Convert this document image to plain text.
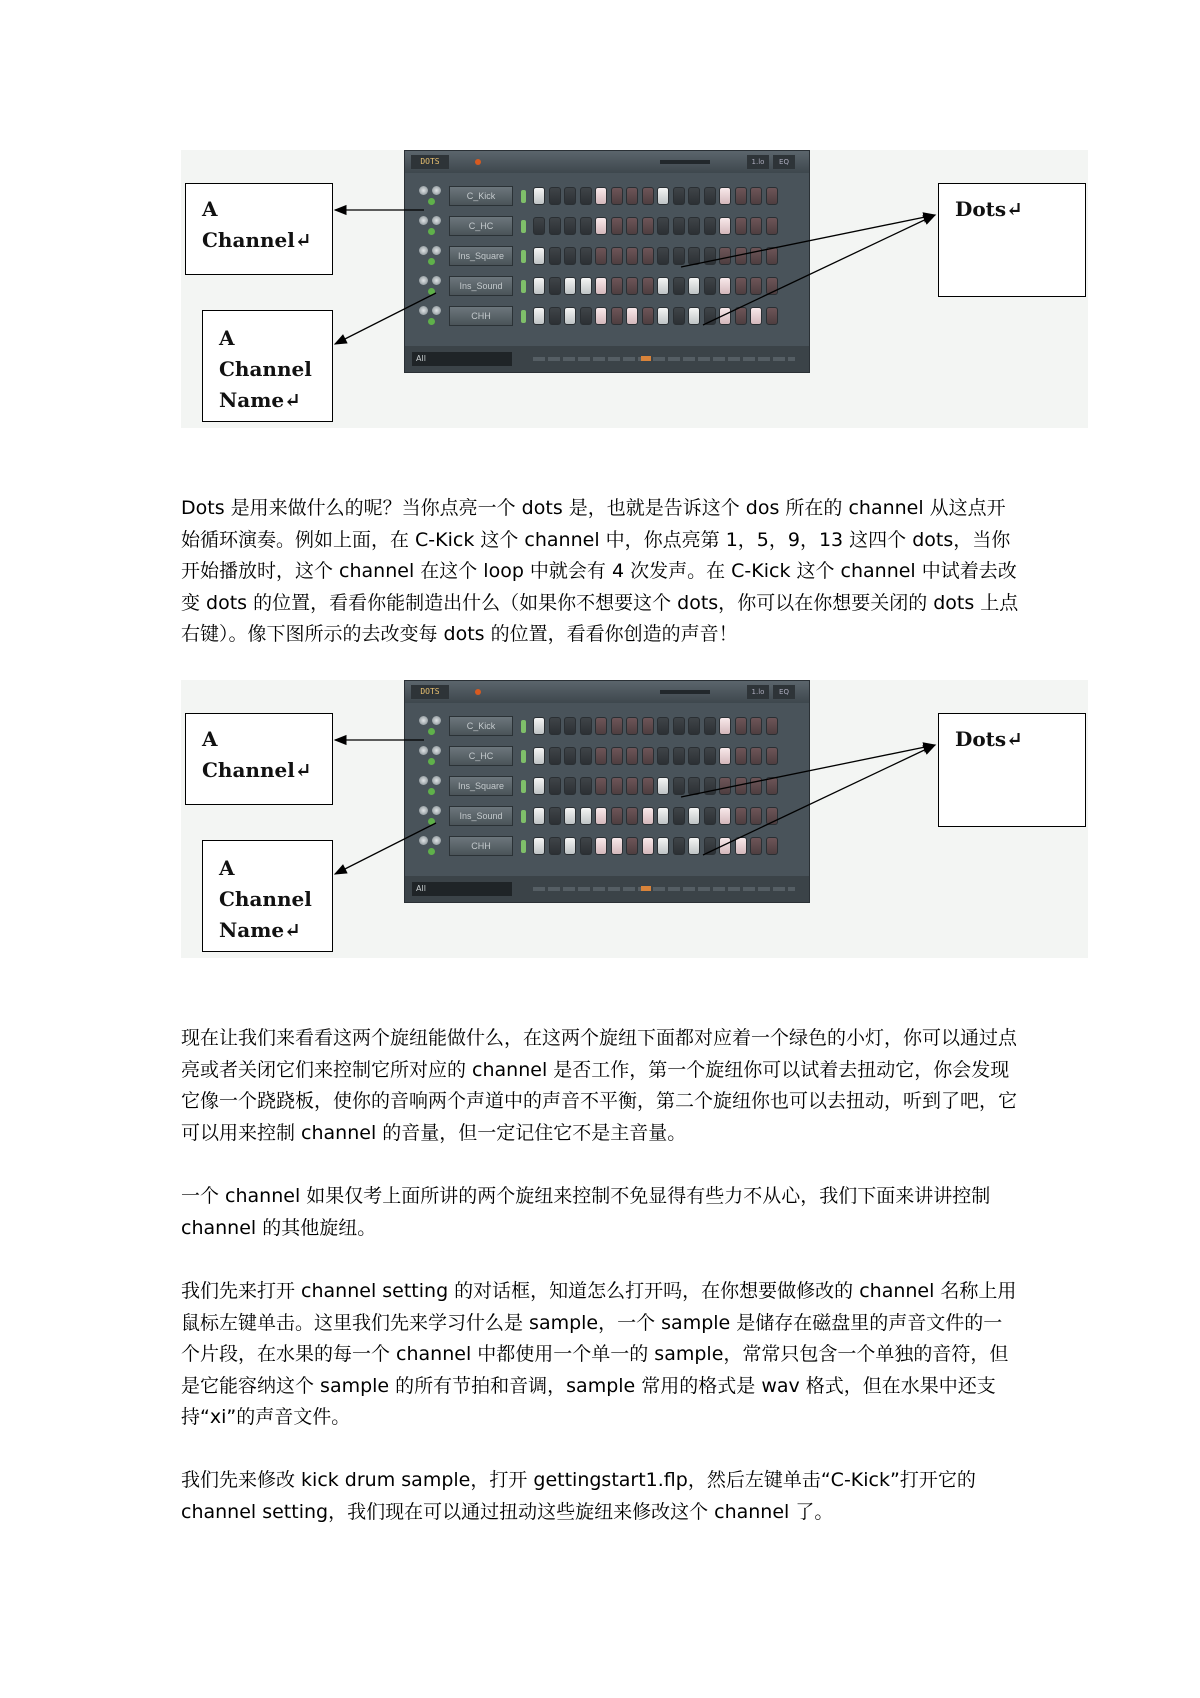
A Channel↵
A Channel
Name↵
Dots↵
DOTS	1.lo	EQ
C_Kick
C_HC
Ins_Square
Ins_Sound
CHH
All
Dots 是用来做什么的呢？当你点亮一个 dots 是，也就是告诉这个 dos 所在的 channel 从这点开始循环演奏。例如上面，在 C-Kick 这个 channel 中，你点亮第 1，5，9，13 这四个 dots，当你开始播放时，这个 channel 在这个 loop 中就会有 4 次发声。在 C-Kick 这个 channel 中试着去改变 dots 的位置，看看你能制造出什么（如果你不想要这个 dots，你可以在你想要关闭的 dots 上点右键）。像下图所示的去改变每 dots 的位置，看看你创造的声音！
A Channel↵
A Channel
Name↵
Dots↵
DOTS	1.lo	EQ
C_Kick
C_HC
Ins_Square
Ins_Sound
CHH
All
现在让我们来看看这两个旋纽能做什么，在这两个旋纽下面都对应着一个绿色的小灯，你可以通过点亮或者关闭它们来控制它所对应的 channel 是否工作，第一个旋纽你可以试着去扭动它，你会发现它像一个跷跷板，使你的音响两个声道中的声音不平衡，第二个旋纽你也可以去扭动，听到了吧，它可以用来控制 channel 的音量，但一定记住它不是主音量。
一个 channel 如果仅考上面所讲的两个旋纽来控制不免显得有些力不从心，我们下面来讲讲控制 channel 的其他旋纽。
我们先来打开 channel setting 的对话框，知道怎么打开吗，在你想要做修改的 channel 名称上用鼠标左键单击。这里我们先来学习什么是 sample，一个 sample 是储存在磁盘里的声音文件的一个片段，在水果的每一个 channel 中都使用一个单一的 sample，常常只包含一个单独的音符，但是它能容纳这个 sample 的所有节拍和音调，sample 常用的格式是 wav 格式，但在水果中还支持“xi”的声音文件。
我们先来修改 kick drum sample，打开 gettingstart1.flp，然后左键单击“C-Kick”打开它的 channel setting，我们现在可以通过扭动这些旋纽来修改这个 channel 了。
